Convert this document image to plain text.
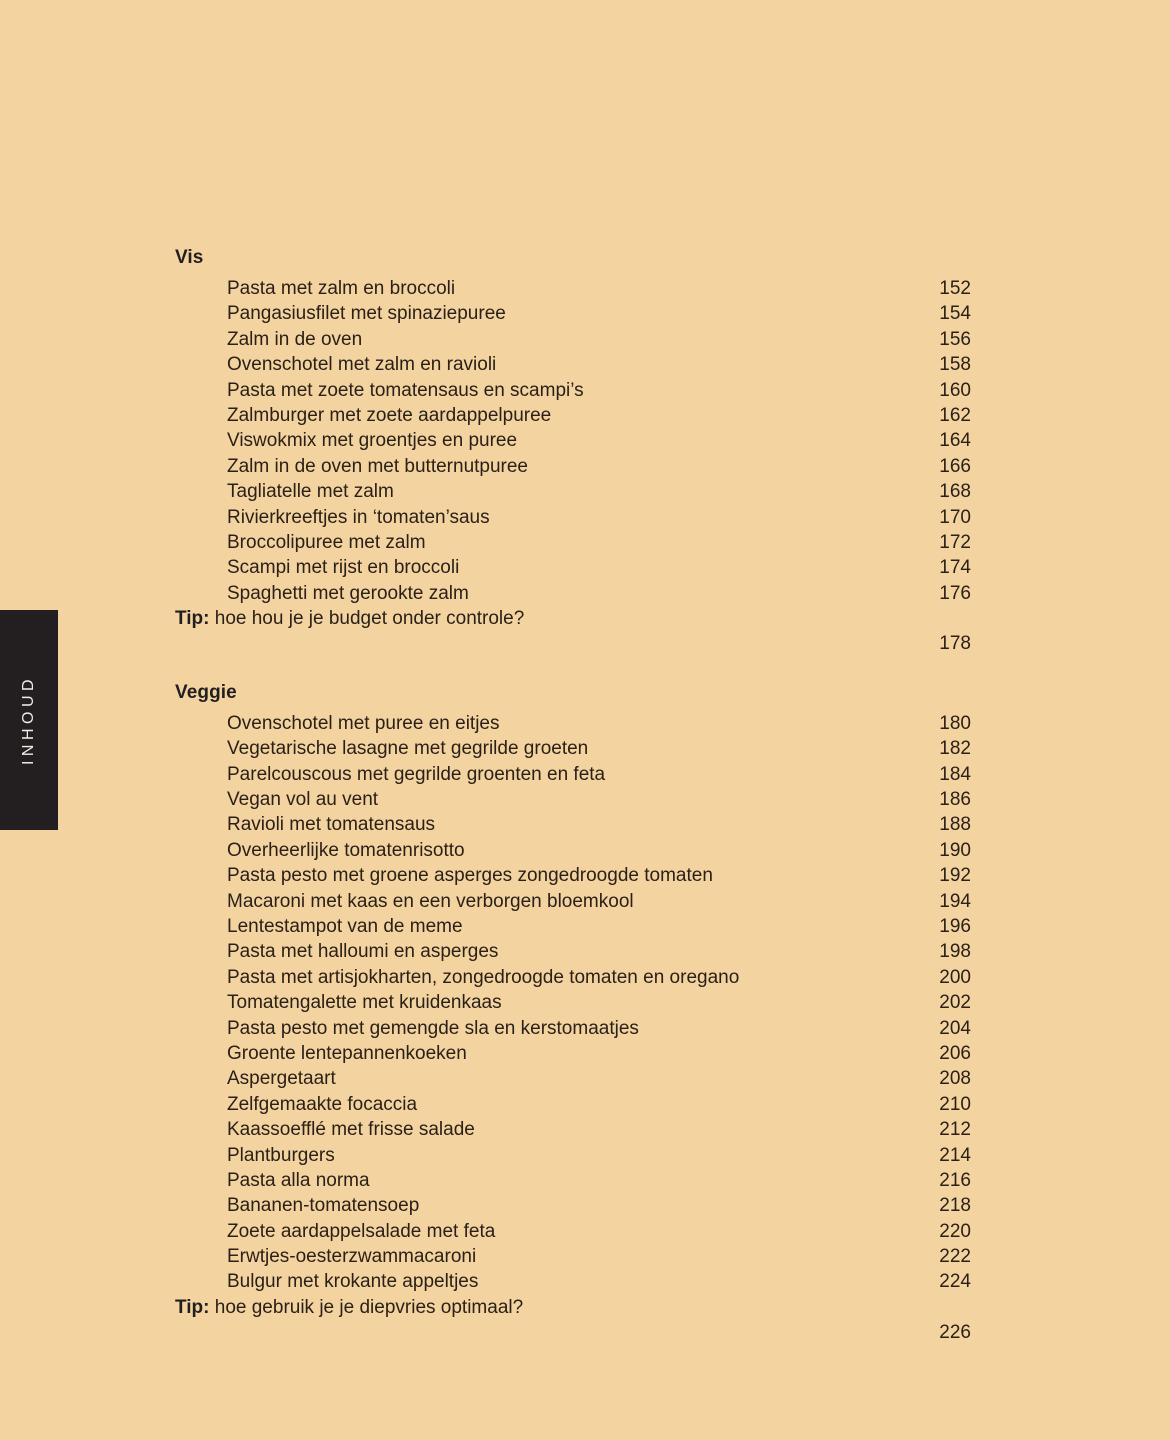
INHOUD
Vis
Pasta met zalm en broccoli	152
Pangasiusfilet met spinaziepuree	154
Zalm in de oven	156
Ovenschotel met zalm en ravioli	158
Pasta met zoete tomatensaus en scampi’s	160
Zalmburger met zoete aardappelpuree	162
Viswokmix met groentjes en puree	164
Zalm in de oven met butternutpuree	166
Tagliatelle met zalm	168
Rivierkreeftjes in ‘tomaten’saus	170
Broccolipuree met zalm	172
Scampi met rijst en broccoli	174
Spaghetti met gerookte zalm	176
Tip: hoe hou je je budget onder controle?
178
Veggie
Ovenschotel met puree en eitjes	180
Vegetarische lasagne met gegrilde groeten	182
Parelcouscous met gegrilde groenten en feta	184
Vegan vol au vent	186
Ravioli met tomatensaus	188
Overheerlijke tomatenrisotto	190
Pasta pesto met groene asperges zongedroogde tomaten	192
Macaroni met kaas en een verborgen bloemkool	194
Lentestampot van de meme	196
Pasta met halloumi en asperges	198
Pasta met artisjokharten, zongedroogde tomaten en oregano	200
Tomatengalette met kruidenkaas	202
Pasta pesto met gemengde sla en kerstomaatjes	204
Groente lentepannenkoeken	206
Aspergetaart	208
Zelfgemaakte focaccia	210
Kaassoefflé met frisse salade	212
Plantburgers	214
Pasta alla norma	216
Bananen-tomatensoep	218
Zoete aardappelsalade met feta	220
Erwtjes-oesterzwammacaroni	222
Bulgur met krokante appeltjes	224
Tip: hoe gebruik je je diepvries optimaal?
226
